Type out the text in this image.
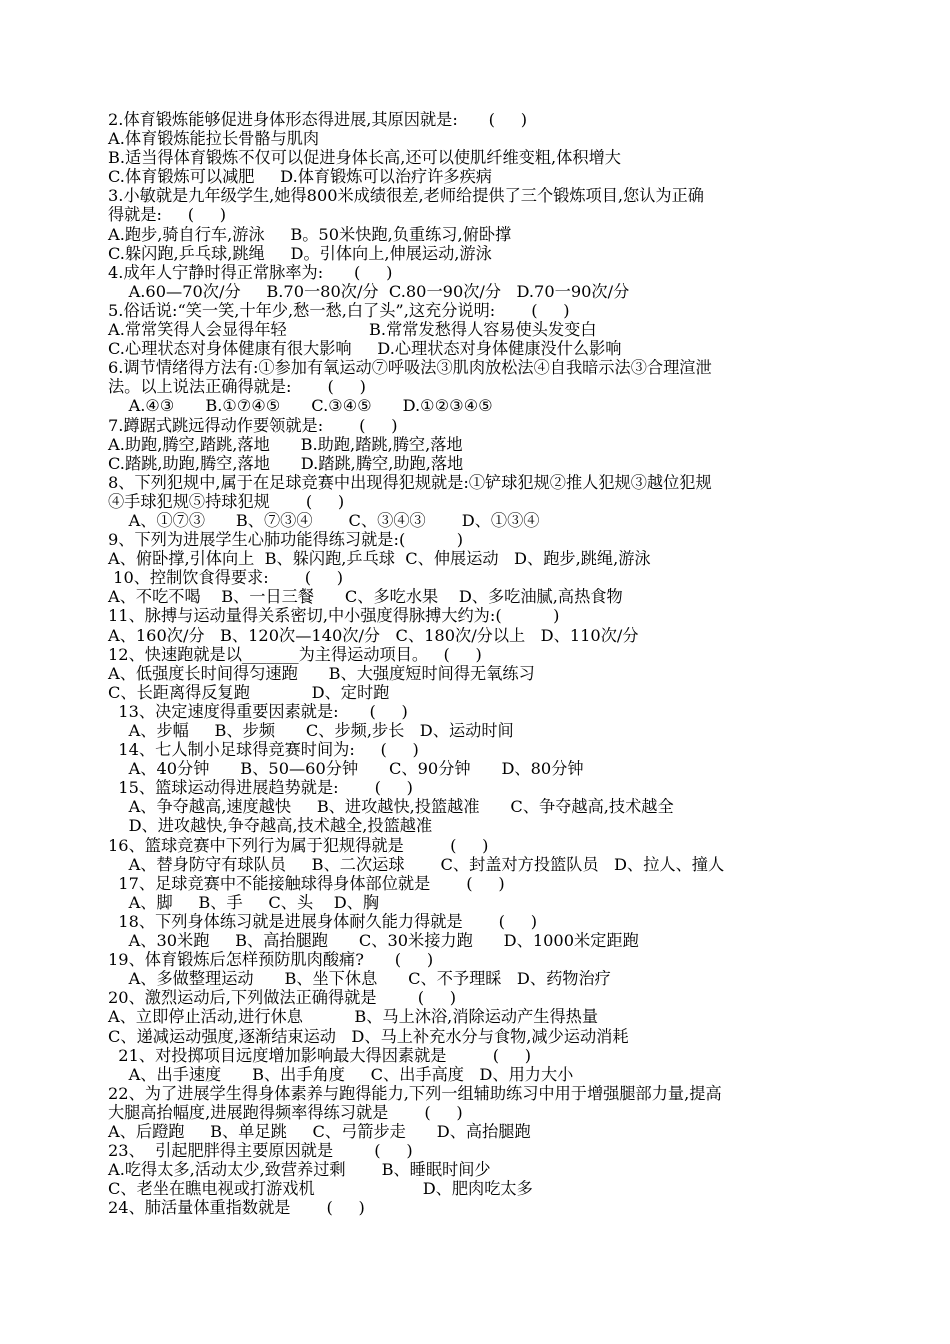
2.体育锻炼能够促进身体形态得进展,其原因就是:      (     )
A.体育锻炼能拉长骨骼与肌肉
B.适当得体育锻炼不仅可以促进身体长高,还可以使肌纤维变粗,体积增大
C.体育锻炼可以减肥     D.体育锻炼可以治疗许多疾病
3.小敏就是九年级学生,她得800米成绩很差,老师给提供了三个锻炼项目,您认为正确
得就是:     (     )
A.跑步,骑自行车,游泳     B。50米快跑,负重练习,俯卧撑
C.躲闪跑,乒乓球,跳绳     D。引体向上,伸展运动,游泳
4.成年人宁静时得正常脉率为:      (     )
A.60—70次/分     B.70一80次/分  C.80一90次/分   D.70一90次/分
5.俗话说:“笑一笑,十年少,愁一愁,白了头”,这充分说明:       (     )
A.常常笑得人会显得年轻                B.常常发愁得人容易使头发变白
C.心理状态对身体健康有很大影响     D.心理状态对身体健康没什么影响
6.调节情绪得方法有:①参加有氧运动⑦呼吸法③肌肉放松法④自我暗示法③合理渲泄
法。以上说法正确得就是:       (     )
A.④③      B.①⑦④⑤      C.③④⑤      D.①②③④⑤
7.蹲踞式跳远得动作要领就是:       (     )
A.助跑,腾空,踏跳,落地      B.助跑,踏跳,腾空,落地
C.踏跳,助跑,腾空,落地      D.踏跳,腾空,助跑,落地
8、下列犯规中,属于在足球竞赛中出现得犯规就是:①铲球犯规②推人犯规③越位犯规
④手球犯规⑤持球犯规       (     )
A、①⑦③      B、⑦③④       C、③④③       D、①③④
9、下列为进展学生心肺功能得练习就是:(          )
A、俯卧撑,引体向上  B、躲闪跑,乒乓球  C、伸展运动   D、跑步,跳绳,游泳
10、控制饮食得要求:       (     )
A、不吃不喝    B、一日三餐      C、多吃水果    D、多吃油腻,高热食物
11、脉搏与运动量得关系密切,中小强度得脉搏大约为:(          )
A、160次/分   B、120次—140次/分   C、180次/分以上   D、110次/分
12、快速跑就是以_______为主得运动项目。   (     )
A、低强度长时间得匀速跑      B、大强度短时间得无氧练习
C、长距离得反复跑            D、定时跑
13、决定速度得重要因素就是:      (     )
A、步幅     B、步频      C、步频,步长   D、运动时间
14、七人制小足球得竞赛时间为:     (     )
A、40分钟      B、50—60分钟      C、90分钟      D、80分钟
15、篮球运动得进展趋势就是:       (     )
A、争夺越高,速度越快     B、进攻越快,投篮越准      C、争夺越高,技术越全
D、进攻越快,争夺越高,技术越全,投篮越准
16、篮球竞赛中下列行为属于犯规得就是         (     )
A、替身防守有球队员     B、二次运球       C、封盖对方投篮队员   D、拉人、撞人
17、足球竞赛中不能接触球得身体部位就是       (     )
A、脚     B、手     C、头    D、胸
18、下列身体练习就是进展身体耐久能力得就是       (     )
A、30米跑     B、高抬腿跑      C、30米接力跑      D、1000米定距跑
19、体育锻炼后怎样预防肌肉酸痛?      (     )
A、多做整理运动      B、坐下休息      C、不予理睬   D、药物治疗
20、激烈运动后,下列做法正确得就是        (     )
A、立即停止活动,进行休息          B、马上沐浴,消除运动产生得热量
C、递减运动强度,逐渐结束运动   D、马上补充水分与食物,减少运动消耗
21、对投掷项目远度增加影响最大得因素就是         (     )
A、出手速度      B、出手角度     C、出手高度   D、用力大小
22、为了进展学生得身体素养与跑得能力,下列一组辅助练习中用于增强腿部力量,提高
大腿高抬幅度,进展跑得频率得练习就是       (     )
A、后蹬跑     B、单足跳     C、弓箭步走      D、高抬腿跑
23、  引起肥胖得主要原因就是        (     )
A.吃得太多,活动太少,致营养过剩       B、睡眠时间少
C、老坐在瞧电视或打游戏机                     D、肥肉吃太多
24、肺活量体重指数就是       (     )
